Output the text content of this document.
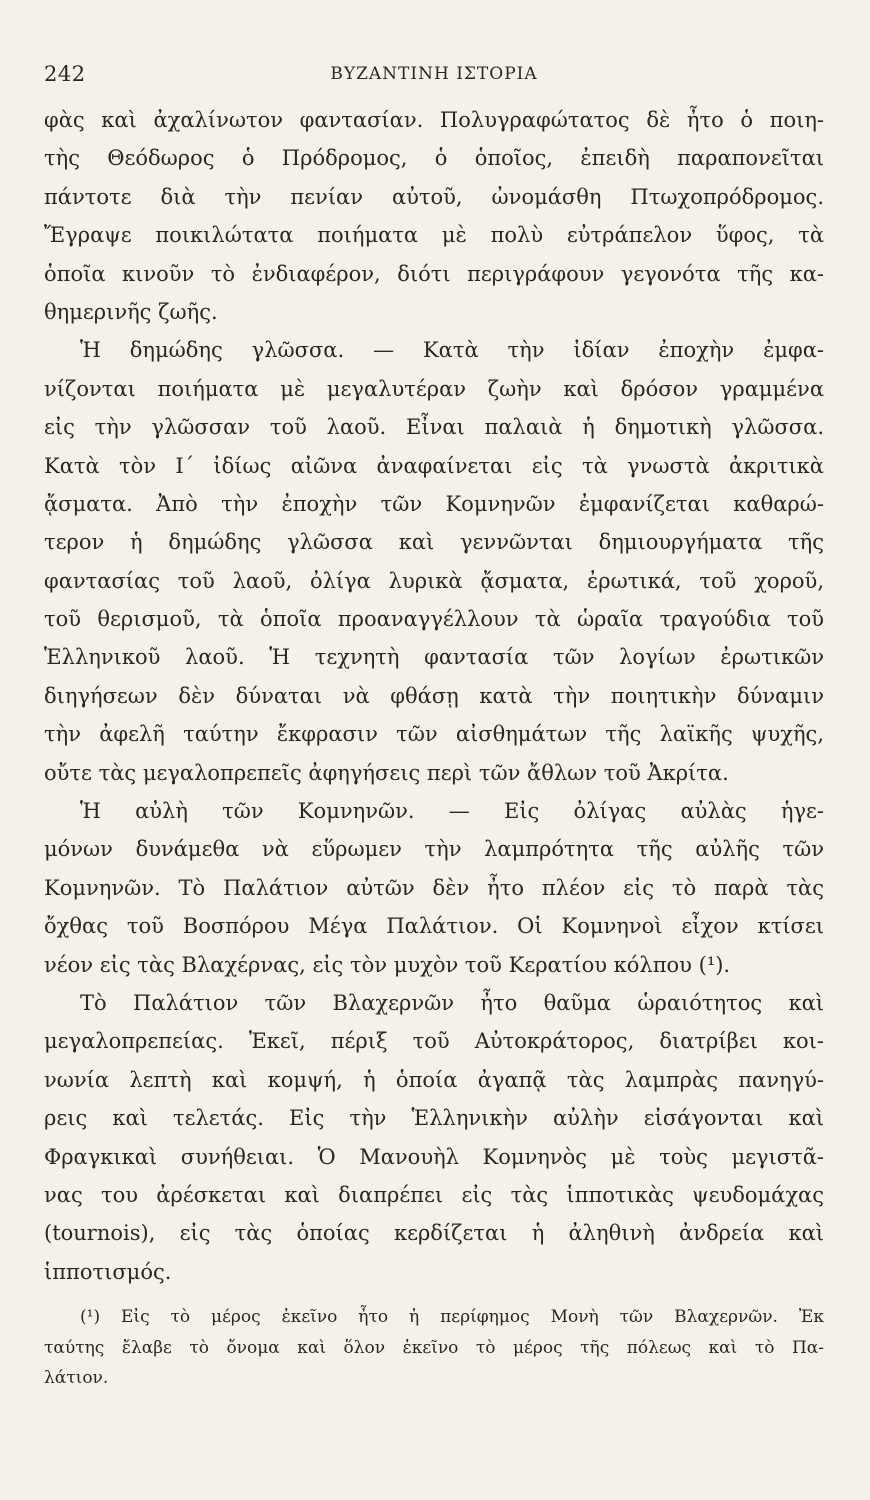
242	ΒΥΖΑΝΤΙΝΗ ΙΣΤΟΡΙΑ
φὰς καὶ ἀχαλίνωτον φαντασίαν. Πολυγραφώτατος δὲ ἦτο ὁ ποιη-
τὴς Θεόδωρος ὁ Πρόδρομος, ὁ ὁποῖος, ἐπειδὴ παραπονεῖται
πάντοτε διὰ τὴν πενίαν αὐτοῦ, ὠνομάσθη Πτωχοπρόδρομος.
Ἔγραψε ποικιλώτατα ποιήματα μὲ πολὺ εὐτράπελον ὕφος, τὰ
ὁποῖα κινοῦν τὸ ἐνδιαφέρον, διότι περιγράφουν γεγονότα τῆς κα-
θημερινῆς ζωῆς.
Ἡ δημώδης γλῶσσα. — Κατὰ τὴν ἰδίαν ἐποχὴν ἐμφα-
νίζονται ποιήματα μὲ μεγαλυτέραν ζωὴν καὶ δρόσον γραμμένα
εἰς τὴν γλῶσσαν τοῦ λαοῦ. Εἶναι παλαιὰ ἡ δημοτικὴ γλῶσσα.
Κατὰ τὸν Ι´ ἰδίως αἰῶνα ἀναφαίνεται εἰς τὰ γνωστὰ ἀκριτικὰ
ᾄσματα. Ἀπὸ τὴν ἐποχὴν τῶν Κομνηνῶν ἐμφανίζεται καθαρώ-
τερον ἡ δημώδης γλῶσσα καὶ γεννῶνται δημιουργήματα τῆς
φαντασίας τοῦ λαοῦ, ὀλίγα λυρικὰ ᾄσματα, ἐρωτικά, τοῦ χοροῦ,
τοῦ θερισμοῦ, τὰ ὁποῖα προαναγγέλλουν τὰ ὡραῖα τραγούδια τοῦ
Ἑλληνικοῦ λαοῦ. Ἡ τεχνητὴ φαντασία τῶν λογίων ἐρωτικῶν
διηγήσεων δὲν δύναται νὰ φθάσῃ κατὰ τὴν ποιητικὴν δύναμιν
τὴν ἀφελῆ ταύτην ἔκφρασιν τῶν αἰσθημάτων τῆς λαϊκῆς ψυχῆς,
οὔτε τὰς μεγαλοπρεπεῖς ἀφηγήσεις περὶ τῶν ἄθλων τοῦ Ἀκρίτα.
Ἡ αὐλὴ τῶν Κομνηνῶν. — Εἰς ὀλίγας αὐλὰς ἡγε-
μόνων δυνάμεθα νὰ εὕρωμεν τὴν λαμπρότητα τῆς αὐλῆς τῶν
Κομνηνῶν. Τὸ Παλάτιον αὐτῶν δὲν ἦτο πλέον εἰς τὸ παρὰ τὰς
ὄχθας τοῦ Βοσπόρου Μέγα Παλάτιον. Οἱ Κομνηνοὶ εἶχον κτίσει
νέον εἰς τὰς Βλαχέρνας, εἰς τὸν μυχὸν τοῦ Κερατίου κόλπου (¹).
Τὸ Παλάτιον τῶν Βλαχερνῶν ἦτο θαῦμα ὡραιότητος καὶ
μεγαλοπρεπείας. Ἐκεῖ, πέριξ τοῦ Αὐτοκράτορος, διατρίβει κοι-
νωνία λεπτὴ καὶ κομψή, ἡ ὁποία ἀγαπᾷ τὰς λαμπρὰς πανηγύ-
ρεις καὶ τελετάς. Εἰς τὴν Ἑλληνικὴν αὐλὴν εἰσάγονται καὶ
Φραγκικαὶ συνήθειαι. Ὁ Μανουὴλ Κομνηνὸς μὲ τοὺς μεγιστᾶ-
νας του ἀρέσκεται καὶ διαπρέπει εἰς τὰς ἱπποτικὰς ψευδομάχας
(tournois), εἰς τὰς ὁποίας κερδίζεται ἡ ἀληθινὴ ἀνδρεία καὶ
ἱπποτισμός.
(¹) Εἰς τὸ μέρος ἐκεῖνο ἦτο ἡ περίφημος Μονὴ τῶν Βλαχερνῶν. Ἐκ
ταύτης ἔλαβε τὸ ὄνομα καὶ ὅλον ἐκεῖνο τὸ μέρος τῆς πόλεως καὶ τὸ Πα-
λάτιον.
